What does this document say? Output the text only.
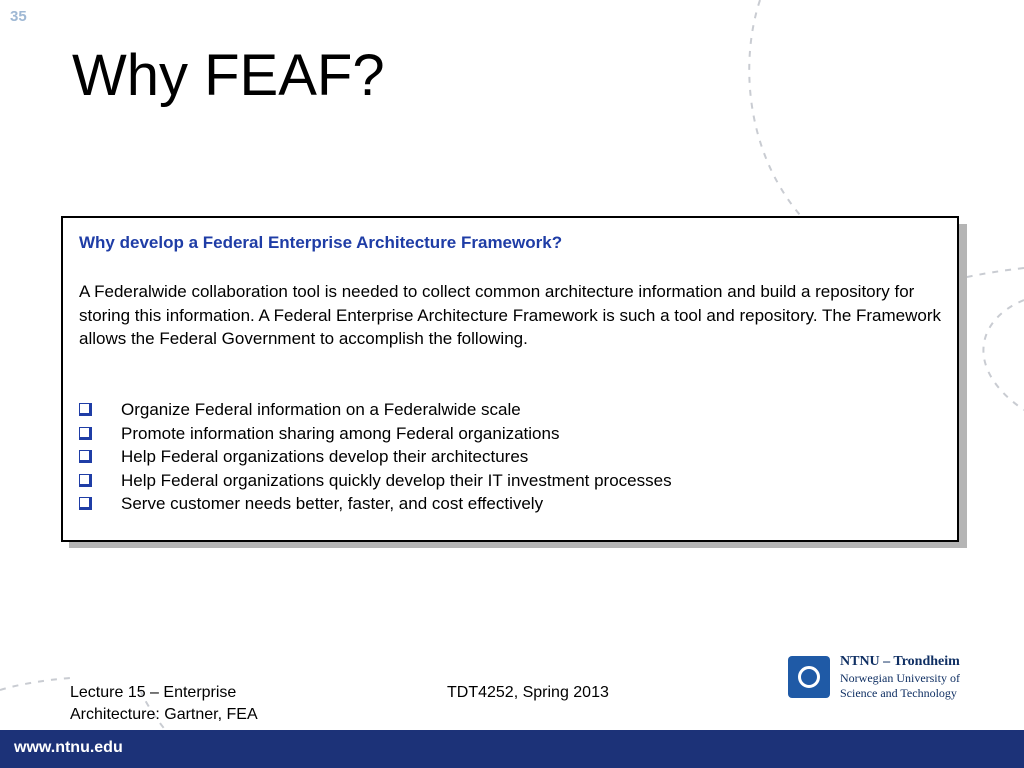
35
Why FEAF?

Why develop a Federal Enterprise Architecture Framework?

A Federalwide collaboration tool is needed to collect common architecture information and build a repository for storing this information. A Federal Enterprise Architecture Framework is such a tool and repository. The Framework allows the Federal Government to accomplish the following.

Organize Federal information on a Federalwide scale
Promote information sharing among Federal organizations
Help Federal organizations develop their architectures
Help Federal organizations quickly develop their IT investment processes
Serve customer needs better, faster, and cost effectively
Lecture 15 – Enterprise
Architecture: Gartner, FEA
TDT4252, Spring 2013
NTNU – Trondheim
Norwegian University of
Science and Technology
www.ntnu.edu
